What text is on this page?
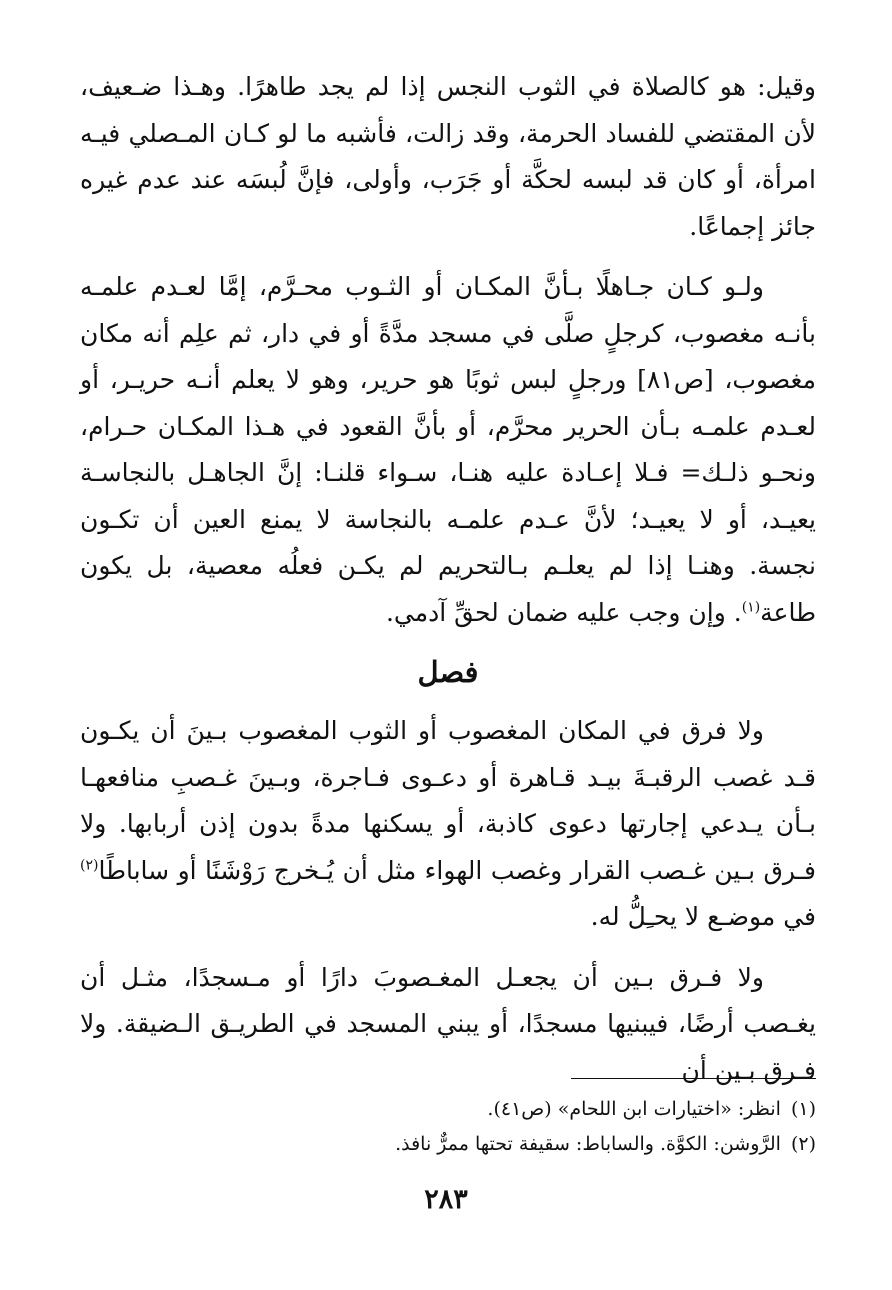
وقيل: هو كالصلاة في الثوب النجس إذا لم يجد طاهرًا. وهـذا ضـعيف، لأن المقتضي للفساد الحرمة، وقد زالت، فأشبه ما لو كـان المـصلي فيـه امرأة، أو كان قد لبسه لحكَّة أو جَرَب، وأولى، فإنَّ لُبسَه عند عدم غيره جائز إجماعًا.

ولـو كـان جـاهلًا بـأنَّ المكـان أو الثـوب محـرَّم، إمَّا لعـدم علمـه بأنـه مغصوب، كرجلٍ صلَّى في مسجد مدَّةً أو في دار، ثم علِم أنه مكان مغصوب، [ص٨١] ورجلٍ لبس ثوبًا هو حرير، وهو لا يعلم أنـه حريـر، أو لعـدم علمـه بـأن الحرير محرَّم، أو بأنَّ القعود في هـذا المكـان حـرام، ونحـو ذلـك= فـلا إعـادة عليه هنـا، سـواء قلنـا: إنَّ الجاهـل بالنجاسـة يعيـد، أو لا يعيـد؛ لأنَّ عـدم علمـه بالنجاسة لا يمنع العين أن تكـون نجسة. وهنـا إذا لم يعلـم بـالتحريم لم يكـن فعلُه معصية، بل يكون طاعة$^{(١)}$. وإن وجب عليه ضمان لحقِّ آدمي.

فصل

ولا فرق في المكان المغصوب أو الثوب المغصوب بـينَ أن يكـون قـد غصب الرقبـةَ بيـد قـاهرة أو دعـوى فـاجرة، وبـينَ غـصبِ منافعهـا بـأن يـدعي إجارتها دعوى كاذبة، أو يسكنها مدةً بدون إذن أربابها. ولا فـرق بـين غـصب القرار وغصب الهواء مثل أن يُـخرج رَوْشَنًا أو ساباطًا$^{(٢)}$ في موضـع لا يحـِلُّ له.

ولا فـرق بـين أن يجعـل المغـصوبَ دارًا أو مـسجدًا، مثـل أن يغـصب أرضًا، فيبنيها مسجدًا، أو يبني المسجد في الطريـق الـضيقة. ولا فـرق بـين أن

(١)انظر: «اختيارات ابن اللحام» (ص٤١).

(٢)الرَّوشن: الكوَّة. والساباط: سقيفة تحتها ممرٌّ نافذ.

٢٨٣
